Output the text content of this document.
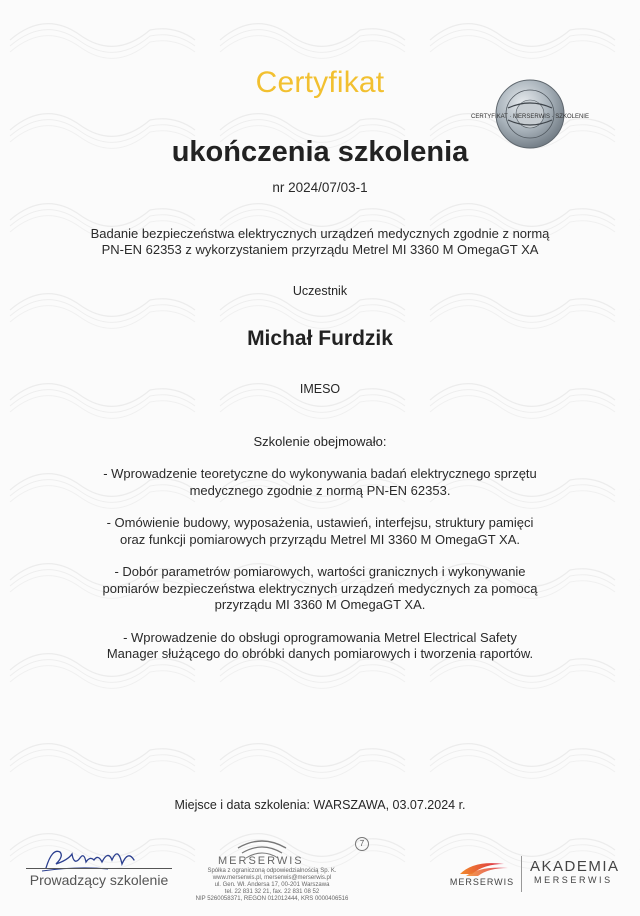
CERTYFIKAT · MERSERWIS · SZKOLENIE
Certyfikat
ukończenia szkolenia
nr 2024/07/03-1
Badanie bezpieczeństwa elektrycznych urządzeń medycznych zgodnie z normą
PN-EN 62353 z wykorzystaniem przyrządu Metrel MI 3360 M OmegaGT XA
Uczestnik
Michał Furdzik
IMESO
Szkolenie obejmowało:
- Wprowadzenie teoretyczne do wykonywania badań elektrycznego sprzętu
medycznego zgodnie z normą PN-EN 62353.
- Omówienie budowy, wyposażenia, ustawień, interfejsu, struktury pamięci
oraz funkcji pomiarowych przyrządu Metrel MI 3360 M OmegaGT XA.
- Dobór parametrów pomiarowych, wartości granicznych i wykonywanie
pomiarów bezpieczeństwa elektrycznych urządzeń medycznych za pomocą
przyrządu MI 3360 M OmegaGT XA.
- Wprowadzenie do obsługi oprogramowania Metrel Electrical Safety
Manager służącego do obróbki danych pomiarowych i tworzenia raportów.
Miejsce i data szkolenia: WARSZAWA, 03.07.2024 r.
Prowadzący szkolenie
7
MERSERWIS
Spółka z ograniczoną odpowiedzialnością Sp. K.
www.merserwis.pl, merserwis@merserwis.pl
ul. Gen. Wł. Andersa 17, 00-201 Warszawa
tel. 22 831 32 21, fax. 22 831 08 52
NIP 5260058371, REGON 012012444, KRS 0000406516
MERSERWIS
AKADEMIA
MERSERWIS
